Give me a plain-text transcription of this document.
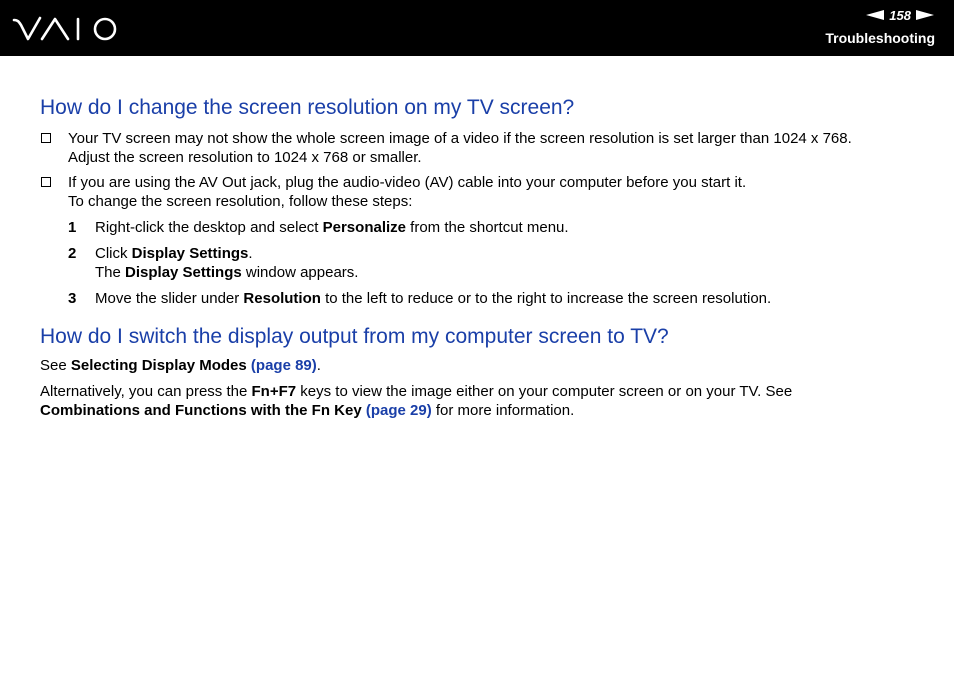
158
Troubleshooting
How do I change the screen resolution on my TV screen?
Your TV screen may not show the whole screen image of a video if the screen resolution is set larger than 1024 x 768.
Adjust the screen resolution to 1024 x 768 or smaller.
If you are using the AV Out jack, plug the audio-video (AV) cable into your computer before you start it.
To change the screen resolution, follow these steps:
1	Right-click the desktop and select Personalize from the shortcut menu.
2	Click Display Settings.
The Display Settings window appears.
3	Move the slider under Resolution to the left to reduce or to the right to increase the screen resolution.
How do I switch the display output from my computer screen to TV?

See Selecting Display Modes (page 89).

Alternatively, you can press the Fn+F7 keys to view the image either on your computer screen or on your TV. See
Combinations and Functions with the Fn Key (page 29) for more information.
